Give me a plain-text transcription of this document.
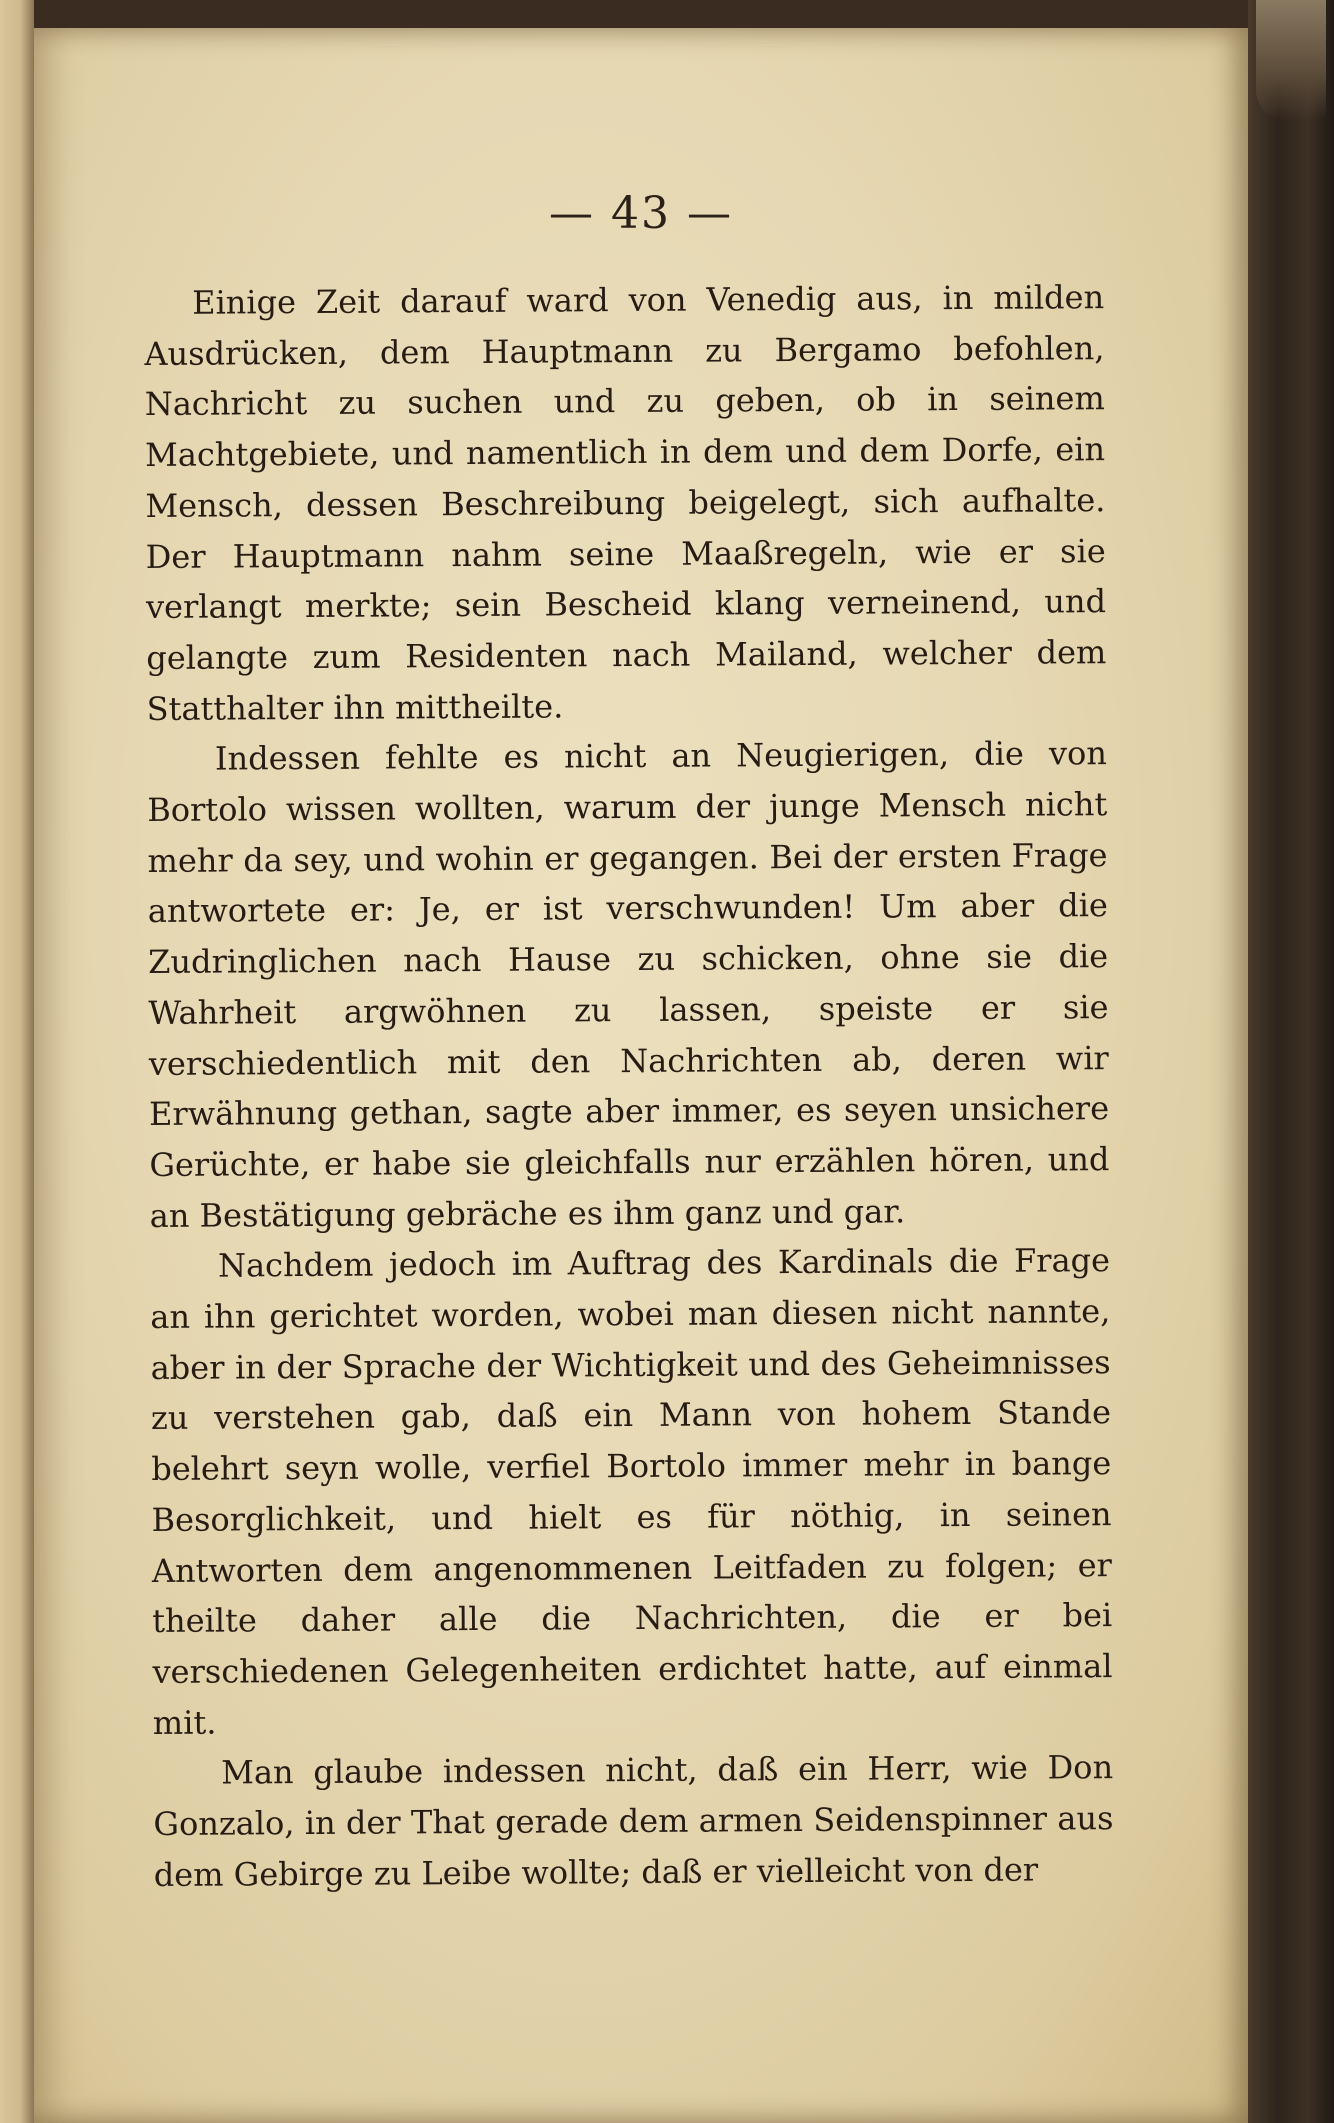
— 43 —

Einige Zeit darauf ward von Venedig aus, in milden Ausdrücken, dem Hauptmann zu Bergamo befohlen, Nachricht zu suchen und zu geben, ob in seinem Machtgebiete, und namentlich in dem und dem Dorfe, ein Mensch, dessen Beschreibung beigelegt, sich aufhalte. Der Hauptmann nahm seine Maaßregeln, wie er sie verlangt merkte; sein Bescheid klang verneinend, und gelangte zum Residenten nach Mailand, welcher dem Statthalter ihn mittheilte.

Indessen fehlte es nicht an Neugierigen, die von Bortolo wissen wollten, warum der junge Mensch nicht mehr da sey, und wohin er gegangen. Bei der ersten Frage antwortete er: Je, er ist verschwunden! Um aber die Zudringlichen nach Hause zu schicken, ohne sie die Wahrheit argwöhnen zu lassen, speiste er sie verschiedentlich mit den Nachrichten ab, deren wir Erwähnung gethan, sagte aber immer, es seyen unsichere Gerüchte, er habe sie gleichfalls nur erzählen hören, und an Bestätigung gebräche es ihm ganz und gar.

Nachdem jedoch im Auftrag des Kardinals die Frage an ihn gerichtet worden, wobei man diesen nicht nannte, aber in der Sprache der Wichtigkeit und des Geheimnisses zu verstehen gab, daß ein Mann von hohem Stande belehrt seyn wolle, verfiel Bortolo immer mehr in bange Besorglichkeit, und hielt es für nöthig, in seinen Antworten dem angenommenen Leitfaden zu folgen; er theilte daher alle die Nachrichten, die er bei verschiedenen Gelegenheiten erdichtet hatte, auf einmal mit.

Man glaube indessen nicht, daß ein Herr, wie Don Gonzalo, in der That gerade dem armen Seidenspinner aus dem Gebirge zu Leibe wollte; daß er vielleicht von der
